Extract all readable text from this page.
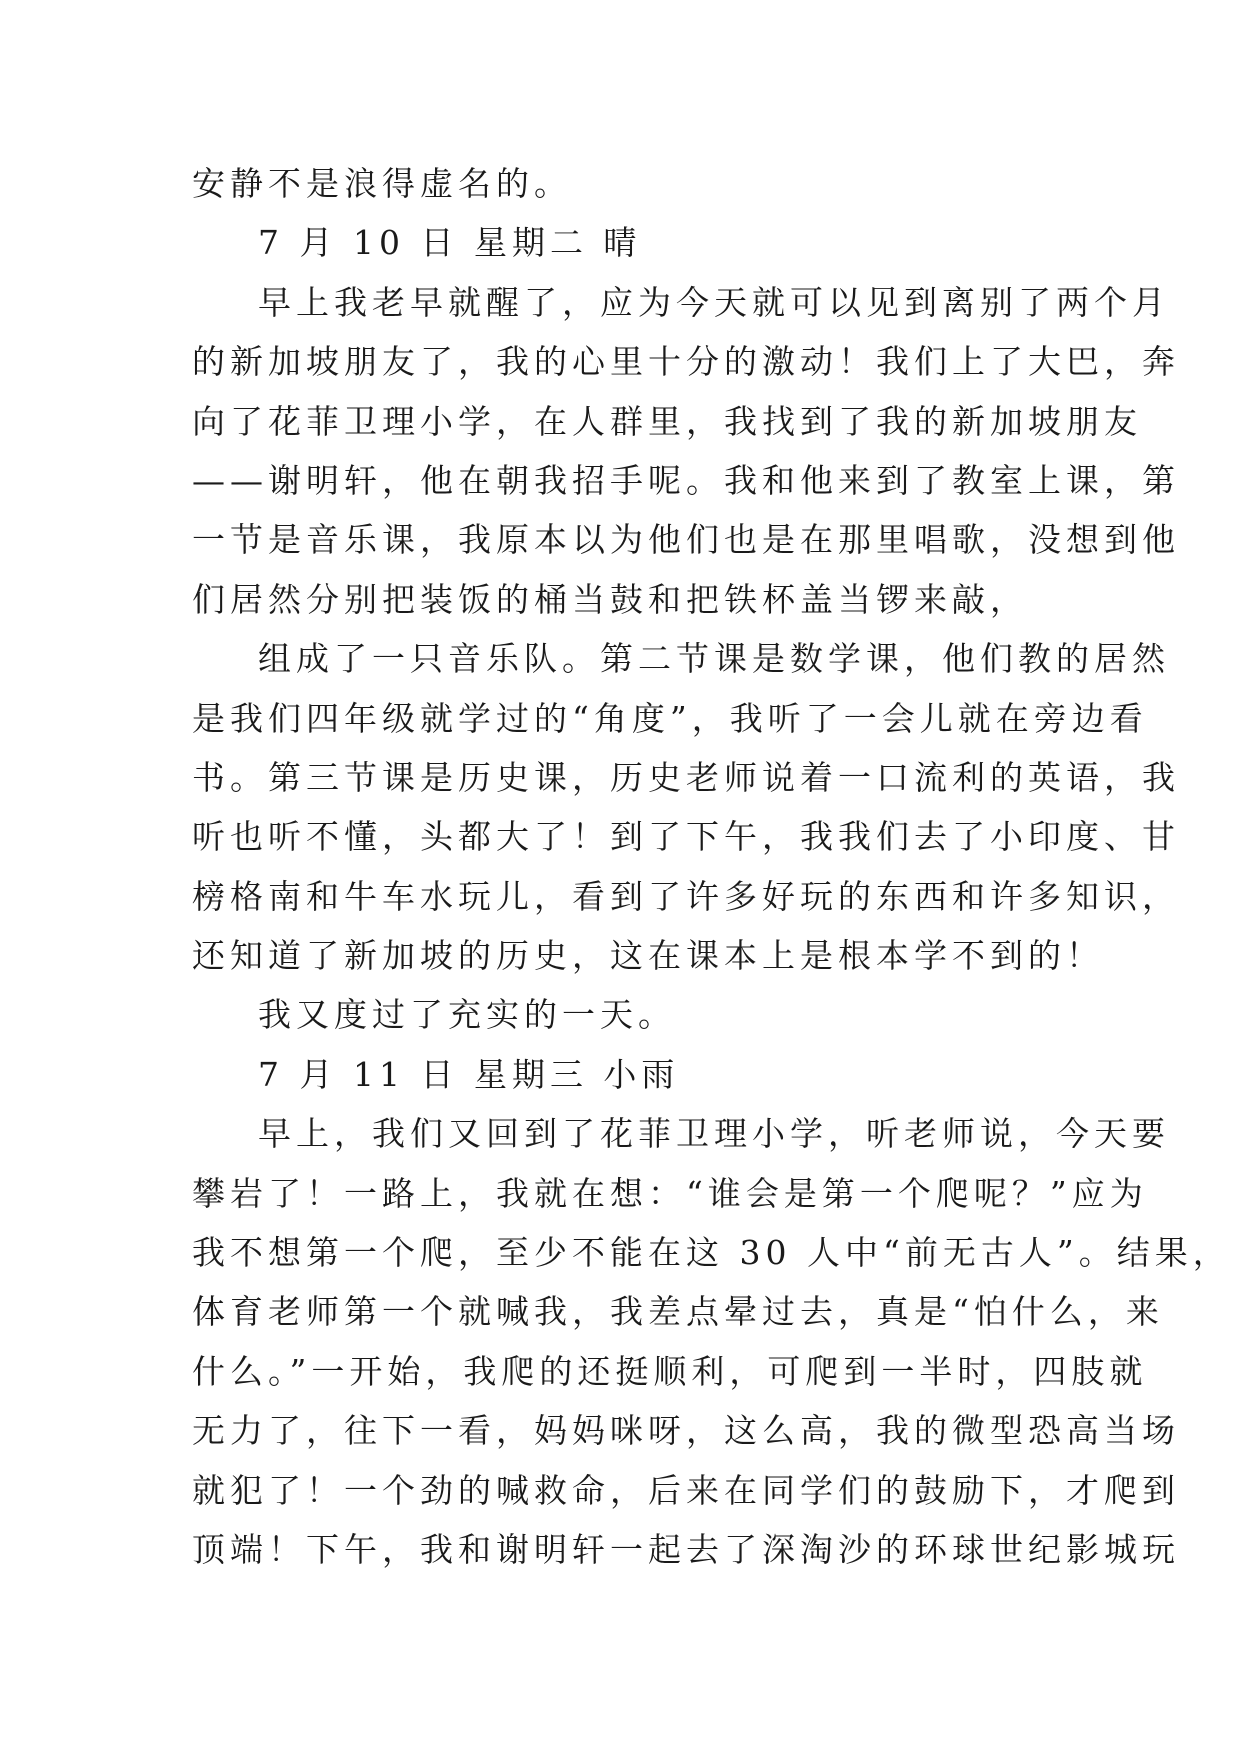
安静不是浪得虚名的。
7 月 10 日 星期二 晴
早上我老早就醒了，应为今天就可以见到离别了两个月
的新加坡朋友了，我的心里十分的激动！我们上了大巴，奔
向了花菲卫理小学，在人群里，我找到了我的新加坡朋友
——谢明轩，他在朝我招手呢。我和他来到了教室上课，第
一节是音乐课，我原本以为他们也是在那里唱歌，没想到他
们居然分别把装饭的桶当鼓和把铁杯盖当锣来敲，
组成了一只音乐队。第二节课是数学课，他们教的居然
是我们四年级就学过的“角度”，我听了一会儿就在旁边看
书。第三节课是历史课，历史老师说着一口流利的英语，我
听也听不懂，头都大了！到了下午，我我们去了小印度、甘
榜格南和牛车水玩儿，看到了许多好玩的东西和许多知识，
还知道了新加坡的历史，这在课本上是根本学不到的！
我又度过了充实的一天。
7 月 11 日 星期三 小雨
早上，我们又回到了花菲卫理小学，听老师说，今天要
攀岩了！一路上，我就在想：“谁会是第一个爬呢？”应为
我不想第一个爬，至少不能在这 30 人中“前无古人”。结果，
体育老师第一个就喊我，我差点晕过去，真是“怕什么，来
什么。”一开始，我爬的还挺顺利，可爬到一半时，四肢就
无力了，往下一看，妈妈咪呀，这么高，我的微型恐高当场
就犯了！一个劲的喊救命，后来在同学们的鼓励下，才爬到
顶端！下午，我和谢明轩一起去了深淘沙的环球世纪影城玩
